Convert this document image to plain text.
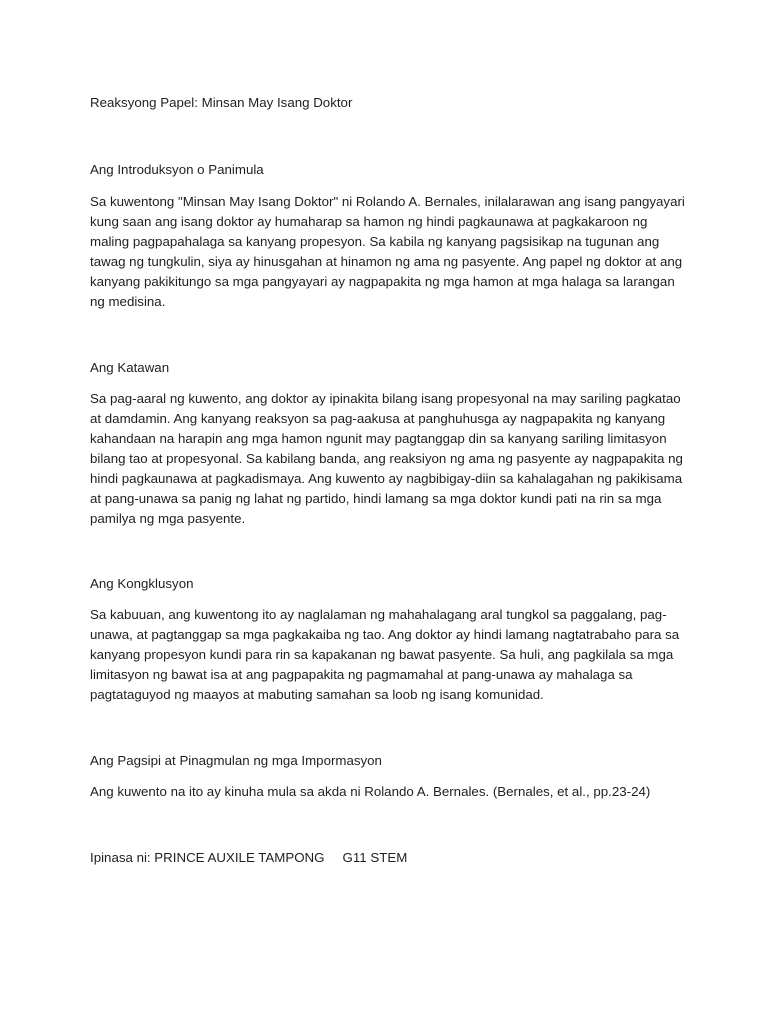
Reaksyong Papel: Minsan May Isang Doktor

Ang Introduksyon o Panimula

Sa kuwentong "Minsan May Isang Doktor" ni Rolando A. Bernales, inilalarawan ang isang pangyayari kung saan ang isang doktor ay humaharap sa hamon ng hindi pagkaunawa at pagkakaroon ng maling pagpapahalaga sa kanyang propesyon. Sa kabila ng kanyang pagsisikap na tugunan ang tawag ng tungkulin, siya ay hinusgahan at hinamon ng ama ng pasyente. Ang papel ng doktor at ang kanyang pakikitungo sa mga pangyayari ay nagpapakita ng mga hamon at mga halaga sa larangan ng medisina.

Ang Katawan

Sa pag-aaral ng kuwento, ang doktor ay ipinakita bilang isang propesyonal na may sariling pagkatao at damdamin. Ang kanyang reaksyon sa pag-aakusa at panghuhusga ay nagpapakita ng kanyang kahandaan na harapin ang mga hamon ngunit may pagtanggap din sa kanyang sariling limitasyon bilang tao at propesyonal. Sa kabilang banda, ang reaksiyon ng ama ng pasyente ay nagpapakita ng hindi pagkaunawa at pagkadismaya. Ang kuwento ay nagbibigay-diin sa kahalagahan ng pakikisama at pang-unawa sa panig ng lahat ng partido, hindi lamang sa mga doktor kundi pati na rin sa mga pamilya ng mga pasyente.

Ang Kongklusyon

Sa kabuuan, ang kuwentong ito ay naglalaman ng mahahalagang aral tungkol sa paggalang, pag-unawa, at pagtanggap sa mga pagkakaiba ng tao. Ang doktor ay hindi lamang nagtatrabaho para sa kanyang propesyon kundi para rin sa kapakanan ng bawat pasyente. Sa huli, ang pagkilala sa mga limitasyon ng bawat isa at ang pagpapakita ng pagmamahal at pang-unawa ay mahalaga sa pagtataguyod ng maayos at mabuting samahan sa loob ng isang komunidad.

Ang Pagsipi at Pinagmulan ng mga Impormasyon

Ang kuwento na ito ay kinuha mula sa akda ni Rolando A. Bernales. (Bernales, et al., pp.23-24)

Ipinasa ni: PRINCE AUXILE TAMPONG G11 STEM
